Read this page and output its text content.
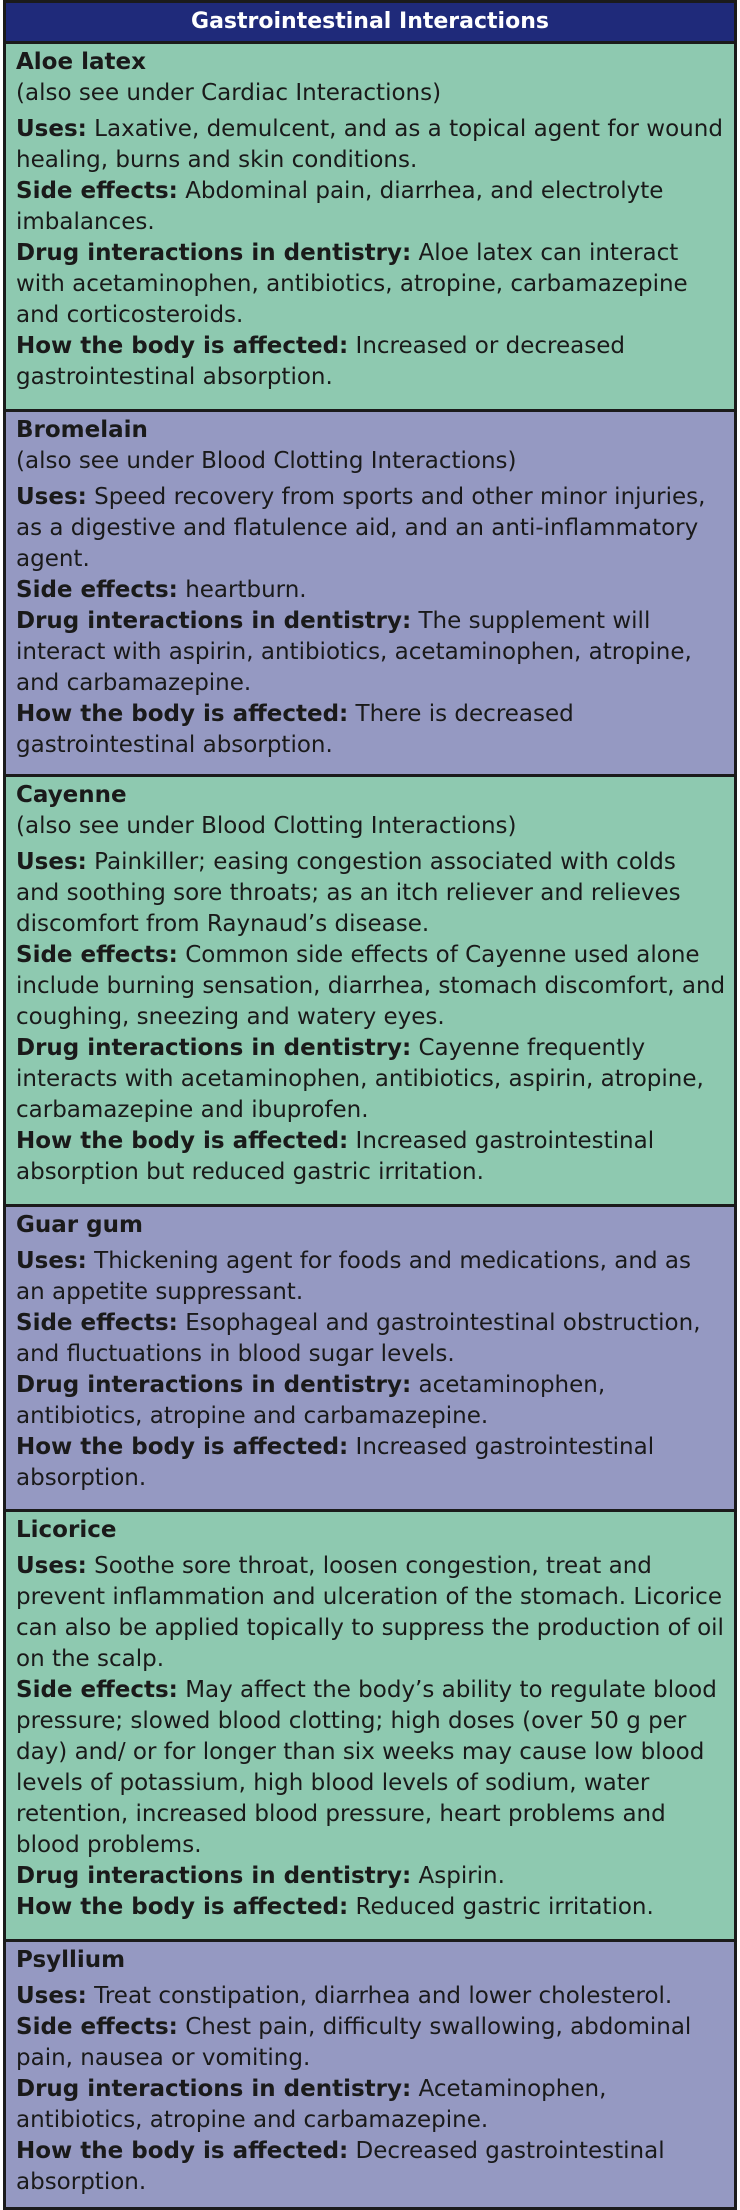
Gastrointestinal Interactions
Aloe latex
(also see under Cardiac Interactions)
Uses: Laxative, demulcent, and as a topical agent for wound healing, burns and skin conditions.
Side effects: Abdominal pain, diarrhea, and electrolyte imbalances.
Drug interactions in dentistry: Aloe latex can interact with acetaminophen, antibiotics, atropine, carbamazepine and corticosteroids.
How the body is affected: Increased or decreased gastrointestinal absorption.
Bromelain
(also see under Blood Clotting Interactions)
Uses: Speed recovery from sports and other minor injuries, as a digestive and flatulence aid, and an anti-inflammatory agent.
Side effects: heartburn.
Drug interactions in dentistry: The supplement will interact with aspirin, antibiotics, acetaminophen, atropine, and carbamazepine.
How the body is affected: There is decreased gastrointestinal absorption.
Cayenne
(also see under Blood Clotting Interactions)
Uses: Painkiller; easing congestion associated with colds and soothing sore throats; as an itch reliever and relieves discomfort from Raynaud’s disease.
Side effects: Common side effects of Cayenne used alone include burning sensation, diarrhea, stomach discomfort, and coughing, sneezing and watery eyes.
Drug interactions in dentistry: Cayenne frequently interacts with acetaminophen, antibiotics, aspirin, atropine, carbamazepine and ibuprofen.
How the body is affected: Increased gastrointestinal absorption but reduced gastric irritation.
Guar gum
Uses: Thickening agent for foods and medications, and as an appetite suppressant.
Side effects: Esophageal and gastrointestinal obstruction, and fluctuations in blood sugar levels.
Drug interactions in dentistry: acetaminophen, antibiotics, atropine and carbamazepine.
How the body is affected: Increased gastrointestinal absorption.
Licorice
Uses: Soothe sore throat, loosen congestion, treat and prevent inflammation and ulceration of the stomach. Licorice can also be applied topically to suppress the production of oil on the scalp.
Side effects: May affect the body’s ability to regulate blood pressure; slowed blood clotting; high doses (over 50 g per day) and/ or for longer than six weeks may cause low blood levels of potassium, high blood levels of sodium, water retention, increased blood pressure, heart problems and blood problems.
Drug interactions in dentistry: Aspirin.
How the body is affected: Reduced gastric irritation.
Psyllium
Uses: Treat constipation, diarrhea and lower cholesterol.
Side effects: Chest pain, difficulty swallowing, abdominal pain, nausea or vomiting.
Drug interactions in dentistry: Acetaminophen, antibiotics, atropine and carbamazepine.
How the body is affected: Decreased gastrointestinal absorption.
